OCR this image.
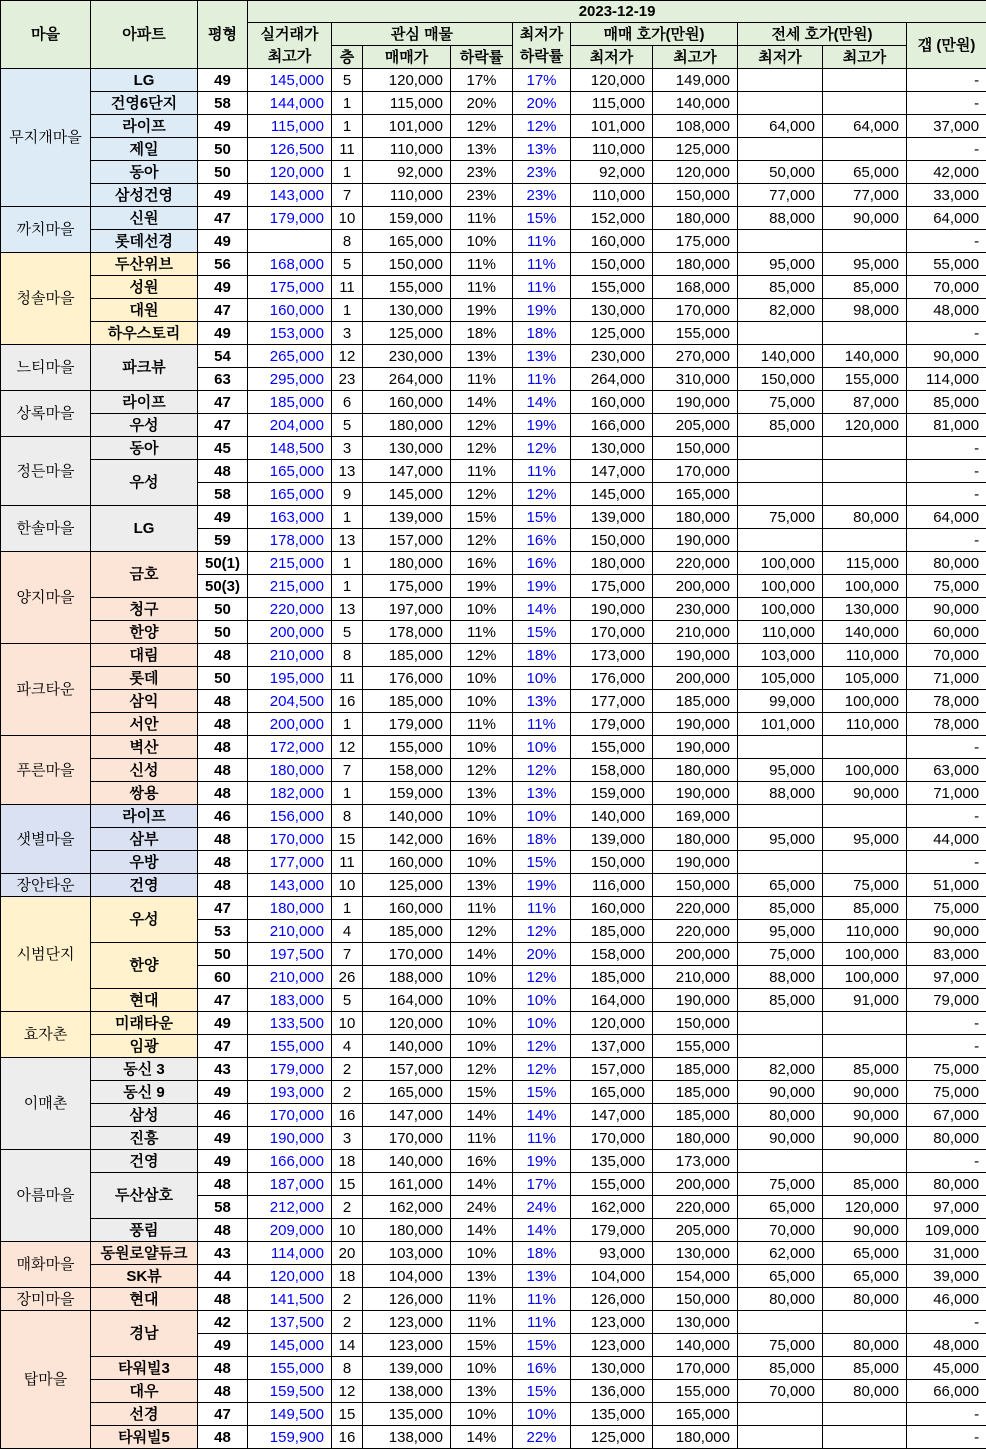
마을	아파트	평형	2023-12-19									
			실거래가	관심 매물			최저가	매매 호가(만원)		전세 호가(만원)		갭 (만원)
			최고가	층	매매가	하락률	하락률	최저가	최고가	최저가	최고가	
무지개마을	LG	49	145,000	5	120,000	17%	17%	120,000	149,000			-
	건영6단지	58	144,000	1	115,000	20%	20%	115,000	140,000			-
	라이프	49	115,000	1	101,000	12%	12%	101,000	108,000	64,000	64,000	37,000
	제일	50	126,500	11	110,000	13%	13%	110,000	125,000			-
	동아	50	120,000	1	92,000	23%	23%	92,000	120,000	50,000	65,000	42,000
	삼성건영	49	143,000	7	110,000	23%	23%	110,000	150,000	77,000	77,000	33,000
까치마을	신원	47	179,000	10	159,000	11%	15%	152,000	180,000	88,000	90,000	64,000
	롯데선경	49		8	165,000	10%	11%	160,000	175,000			-
청솔마을	두산위브	56	168,000	5	150,000	11%	11%	150,000	180,000	95,000	95,000	55,000
	성원	49	175,000	11	155,000	11%	11%	155,000	168,000	85,000	85,000	70,000
	대원	47	160,000	1	130,000	19%	19%	130,000	170,000	82,000	98,000	48,000
	하우스토리	49	153,000	3	125,000	18%	18%	125,000	155,000			-
느티마을	파크뷰	54	265,000	12	230,000	13%	13%	230,000	270,000	140,000	140,000	90,000
		63	295,000	23	264,000	11%	11%	264,000	310,000	150,000	155,000	114,000
상록마을	라이프	47	185,000	6	160,000	14%	14%	160,000	190,000	75,000	87,000	85,000
	우성	47	204,000	5	180,000	12%	19%	166,000	205,000	85,000	120,000	81,000
정든마을	동아	45	148,500	3	130,000	12%	12%	130,000	150,000			-
	우성	48	165,000	13	147,000	11%	11%	147,000	170,000			-
		58	165,000	9	145,000	12%	12%	145,000	165,000			-
한솔마을	LG	49	163,000	1	139,000	15%	15%	139,000	180,000	75,000	80,000	64,000
		59	178,000	13	157,000	12%	16%	150,000	190,000			-
양지마을	금호	50(1)	215,000	1	180,000	16%	16%	180,000	220,000	100,000	115,000	80,000
		50(3)	215,000	1	175,000	19%	19%	175,000	200,000	100,000	100,000	75,000
	청구	50	220,000	13	197,000	10%	14%	190,000	230,000	100,000	130,000	90,000
	한양	50	200,000	5	178,000	11%	15%	170,000	210,000	110,000	140,000	60,000
파크타운	대림	48	210,000	8	185,000	12%	18%	173,000	190,000	103,000	110,000	70,000
	롯데	50	195,000	11	176,000	10%	10%	176,000	200,000	105,000	105,000	71,000
	삼익	48	204,500	16	185,000	10%	13%	177,000	185,000	99,000	100,000	78,000
	서안	48	200,000	1	179,000	11%	11%	179,000	190,000	101,000	110,000	78,000
푸른마을	벽산	48	172,000	12	155,000	10%	10%	155,000	190,000			-
	신성	48	180,000	7	158,000	12%	12%	158,000	180,000	95,000	100,000	63,000
	쌍용	48	182,000	1	159,000	13%	13%	159,000	190,000	88,000	90,000	71,000
샛별마을	라이프	46	156,000	8	140,000	10%	10%	140,000	169,000			-
	삼부	48	170,000	15	142,000	16%	18%	139,000	180,000	95,000	95,000	44,000
	우방	48	177,000	11	160,000	10%	15%	150,000	190,000			-
장안타운	건영	48	143,000	10	125,000	13%	19%	116,000	150,000	65,000	75,000	51,000
시범단지	우성	47	180,000	1	160,000	11%	11%	160,000	220,000	85,000	85,000	75,000
		53	210,000	4	185,000	12%	12%	185,000	220,000	95,000	110,000	90,000
	한양	50	197,500	7	170,000	14%	20%	158,000	200,000	75,000	100,000	83,000
		60	210,000	26	188,000	10%	12%	185,000	210,000	88,000	100,000	97,000
	현대	47	183,000	5	164,000	10%	10%	164,000	190,000	85,000	91,000	79,000
효자촌	미래타운	49	133,500	10	120,000	10%	10%	120,000	150,000			-
	임광	47	155,000	4	140,000	10%	12%	137,000	155,000			-
이매촌	동신 3	43	179,000	2	157,000	12%	12%	157,000	185,000	82,000	85,000	75,000
	동신 9	49	193,000	2	165,000	15%	15%	165,000	185,000	90,000	90,000	75,000
	삼성	46	170,000	16	147,000	14%	14%	147,000	185,000	80,000	90,000	67,000
	진흥	49	190,000	3	170,000	11%	11%	170,000	180,000	90,000	90,000	80,000
아름마을	건영	49	166,000	18	140,000	16%	19%	135,000	173,000			-
	두산삼호	48	187,000	15	161,000	14%	17%	155,000	200,000	75,000	85,000	80,000
		58	212,000	2	162,000	24%	24%	162,000	220,000	65,000	120,000	97,000
	풍림	48	209,000	10	180,000	14%	14%	179,000	205,000	70,000	90,000	109,000
매화마을	동원로얄듀크	43	114,000	20	103,000	10%	18%	93,000	130,000	62,000	65,000	31,000
	SK뷰	44	120,000	18	104,000	13%	13%	104,000	154,000	65,000	65,000	39,000
장미마을	현대	48	141,500	2	126,000	11%	11%	126,000	150,000	80,000	80,000	46,000
탑마을	경남	42	137,500	2	123,000	11%	11%	123,000	130,000			-
		49	145,000	14	123,000	15%	15%	123,000	140,000	75,000	80,000	48,000
	타워빌3	48	155,000	8	139,000	10%	16%	130,000	170,000	85,000	85,000	45,000
	대우	48	159,500	12	138,000	13%	15%	136,000	155,000	70,000	80,000	66,000
	선경	47	149,500	15	135,000	10%	10%	135,000	165,000			-
	타워빌5	48	159,900	16	138,000	14%	22%	125,000	180,000			-
